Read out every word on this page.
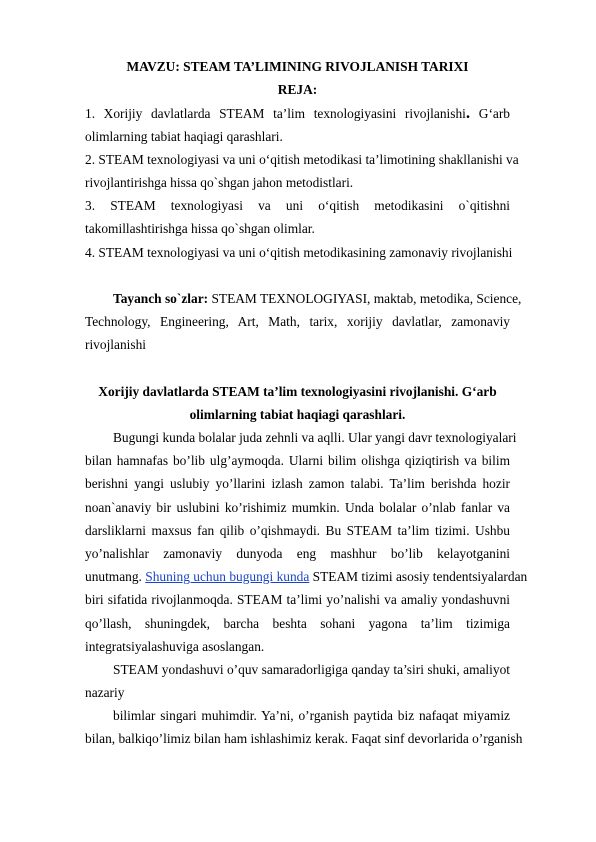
MAVZU: STEAM TA’LIMINING RIVOJLANISH TARIXI
REJA:
1. Xorijiy davlatlarda STEAM ta’lim texnologiyasini rivojlanishi. G‘arb
olimlarning tabiat haqiagi qarashlari.
2. STEAM texnologiyasi va uni o‘qitish metodikasi ta’limotining shakllanishi va
rivojlantirishga hissa qo`shgan jahon metodistlari.
3. STEAM texnologiyasi va uni o‘qitish metodikasini o`qitishni
takomillashtirishga hissa qo`shgan olimlar.
4. STEAM texnologiyasi va uni o‘qitish metodikasining zamonaviy rivojlanishi
Tayanch so`zlar: STEAM TEXNOLOGIYASI, maktab, metodika, Science,
Technology, Engineering, Art, Math, tarix, xorijiy davlatlar, zamonaviy
rivojlanishi
Xorijiy davlatlarda STEAM ta’lim texnologiyasini rivojlanishi. G‘arb
olimlarning tabiat haqiagi qarashlari.
Bugungi kunda bolalar juda zehnli va aqlli. Ular yangi davr texnologiyalari
bilan hamnafas bo’lib ulg’aymoqda. Ularni bilim olishga qiziqtirish va bilim
berishni yangi uslubiy yo’llarini izlash zamon talabi. Ta’lim berishda hozir
noan`anaviy bir uslubini ko’rishimiz mumkin. Unda bolalar o’nlab fanlar va
darsliklarni maxsus fan qilib o’qishmaydi. Bu STEAM ta’lim tizimi. Ushbu
yo’nalishlar zamonaviy dunyoda eng mashhur bo’lib kelayotganini
unutmang. Shuning uchun bugungi kunda STEAM tizimi asosiy tendentsiyalardan
biri sifatida rivojlanmoqda. STEAM ta’limi yo’nalishi va amaliy yondashuvni
qo’llash, shuningdek, barcha beshta sohani yagona ta’lim tizimiga
integratsiyalashuviga asoslangan.
STEAM yondashuvi o’quv samaradorligiga qanday ta’siri shuki, amaliyot
nazariy
bilimlar singari muhimdir. Ya’ni, o’rganish paytida biz nafaqat miyamiz
bilan, balkiqo’limiz bilan ham ishlashimiz kerak. Faqat sinf devorlarida o’rganish
